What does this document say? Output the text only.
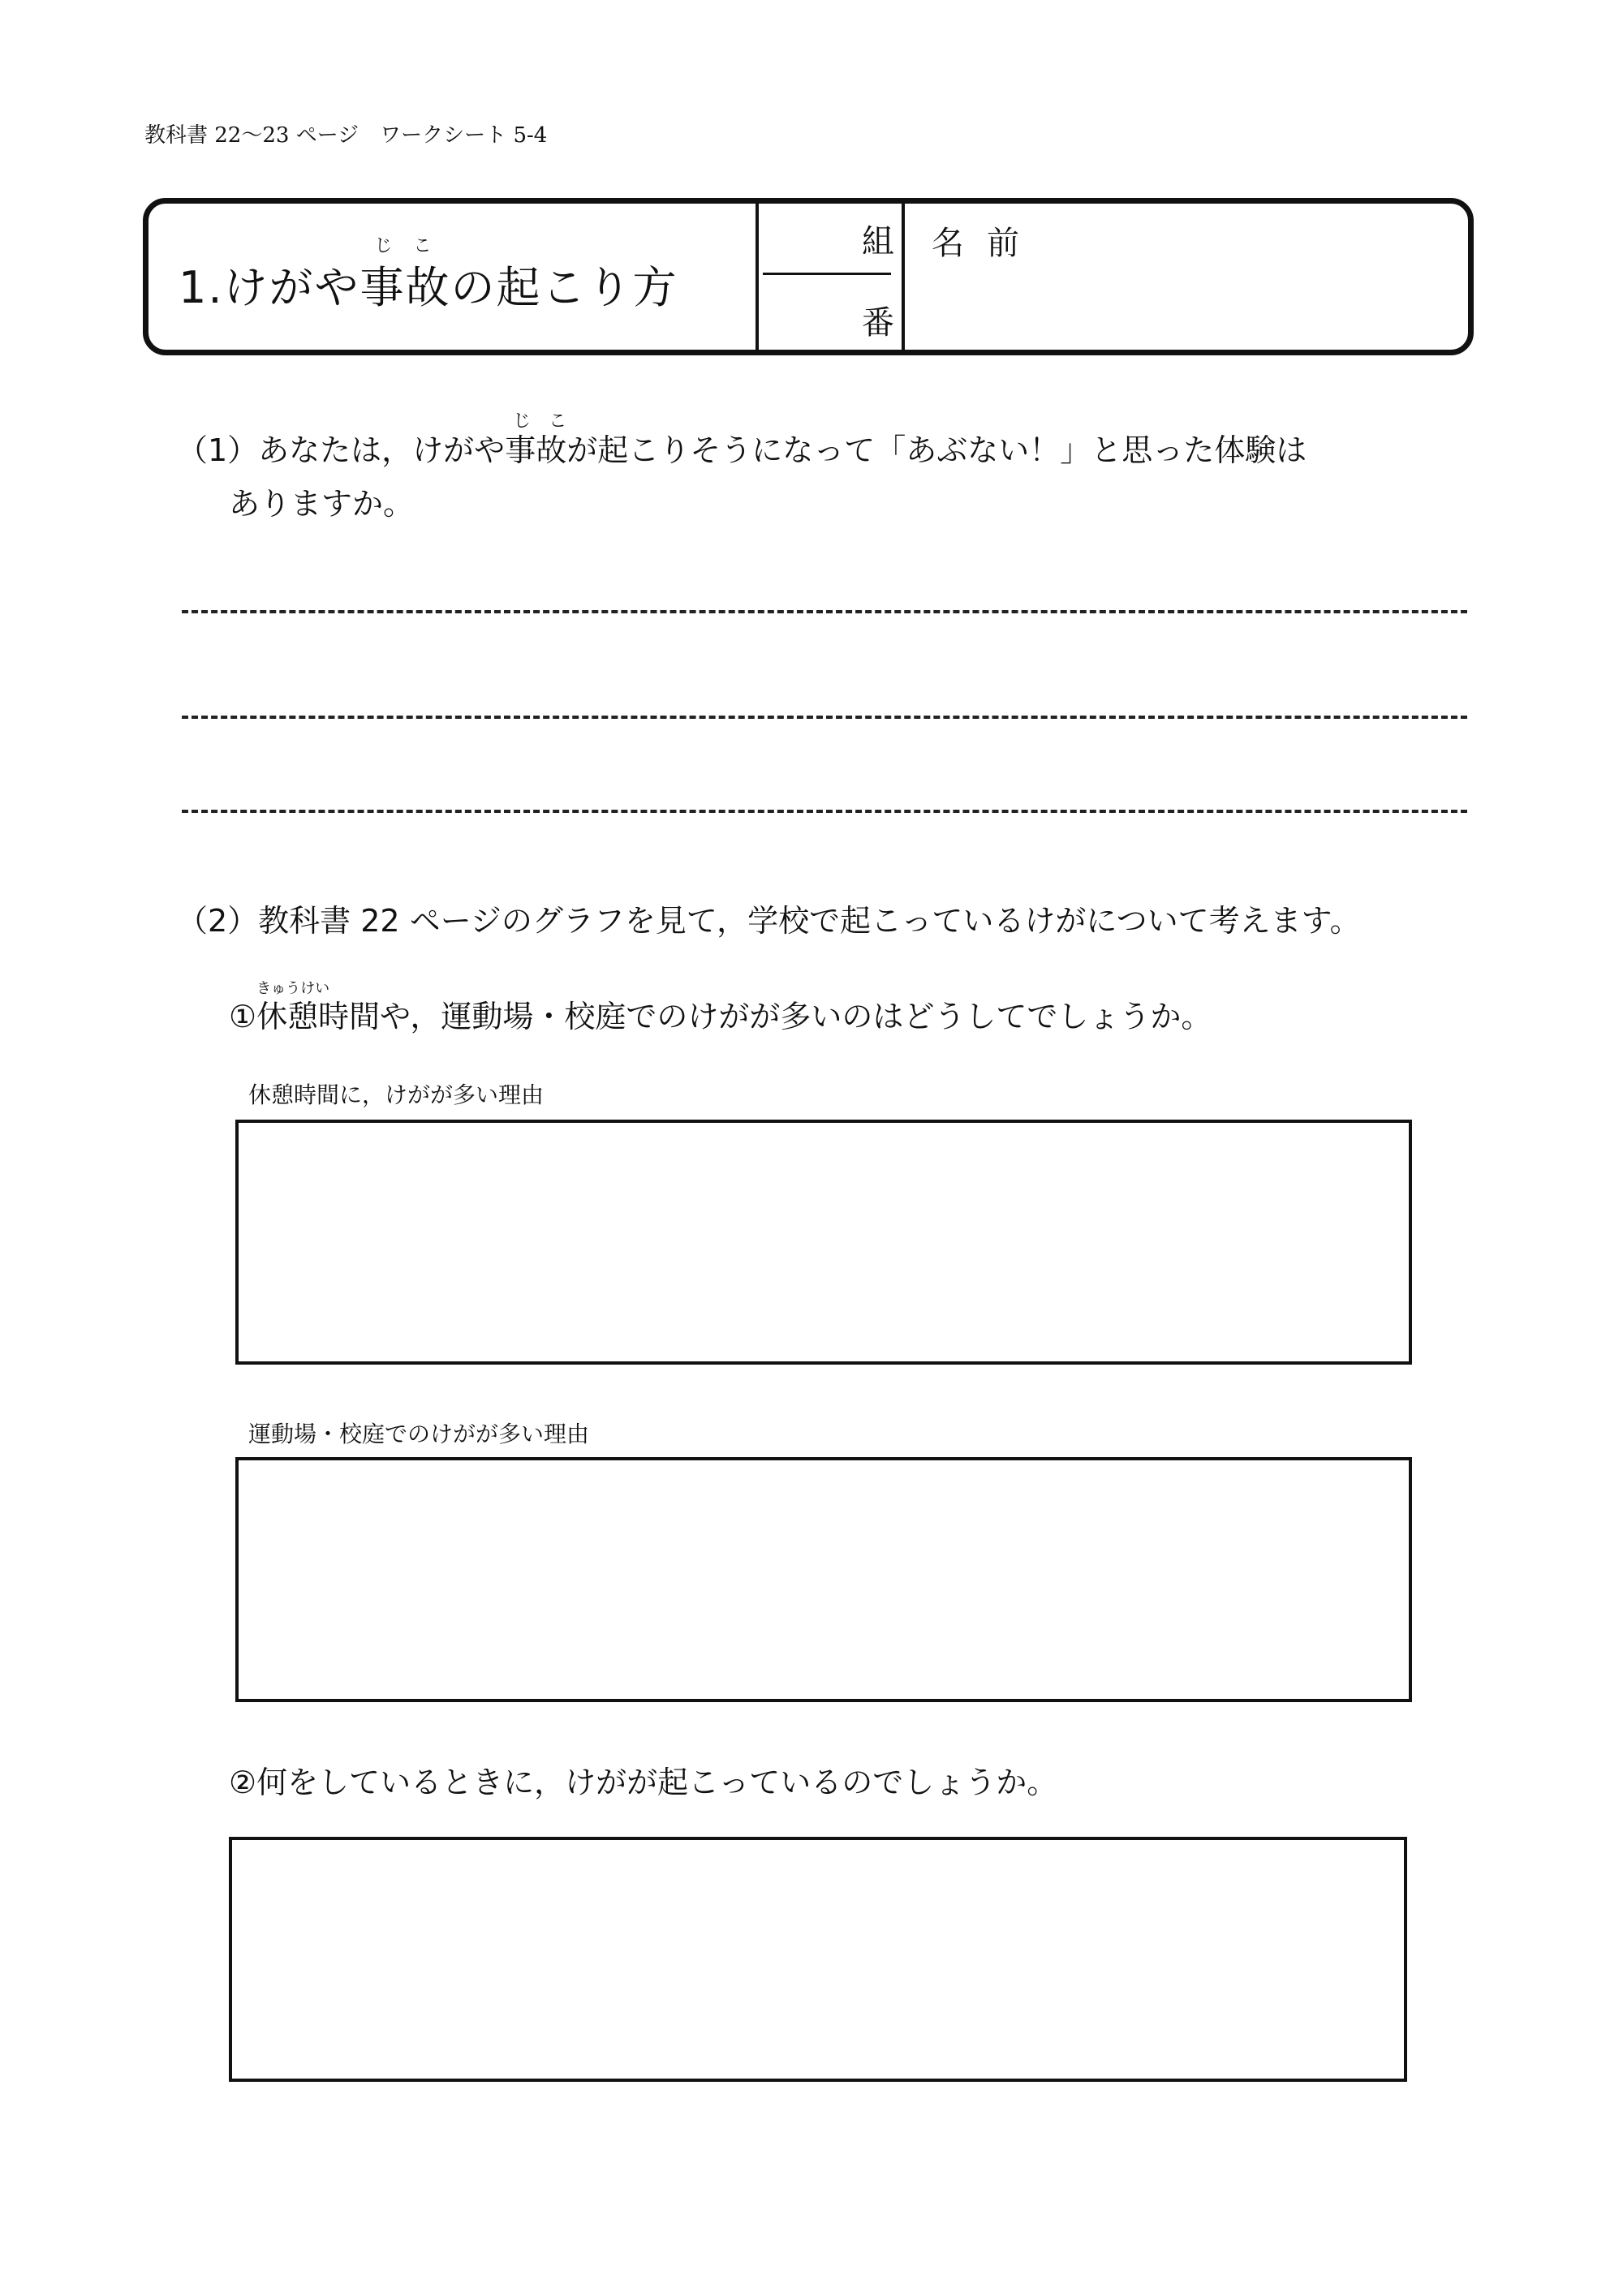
教科書 22～23 ページ　ワークシート 5-4
1.けがや
じ　こ
事故の起こり方
組
番
名前
（1）あなたは，けがや
じ　こ
事故が起こりそうになって「あぶない！」と思った体験は
ありますか。
（2）教科書 22 ページのグラフを見て，学校で起こっているけがについて考えます。
①
きゅうけい
休憩時間や，運動場・校庭でのけがが多いのはどうしてでしょうか。
休憩時間に，けがが多い理由
運動場・校庭でのけがが多い理由
②何をしているときに，けがが起こっているのでしょうか。
